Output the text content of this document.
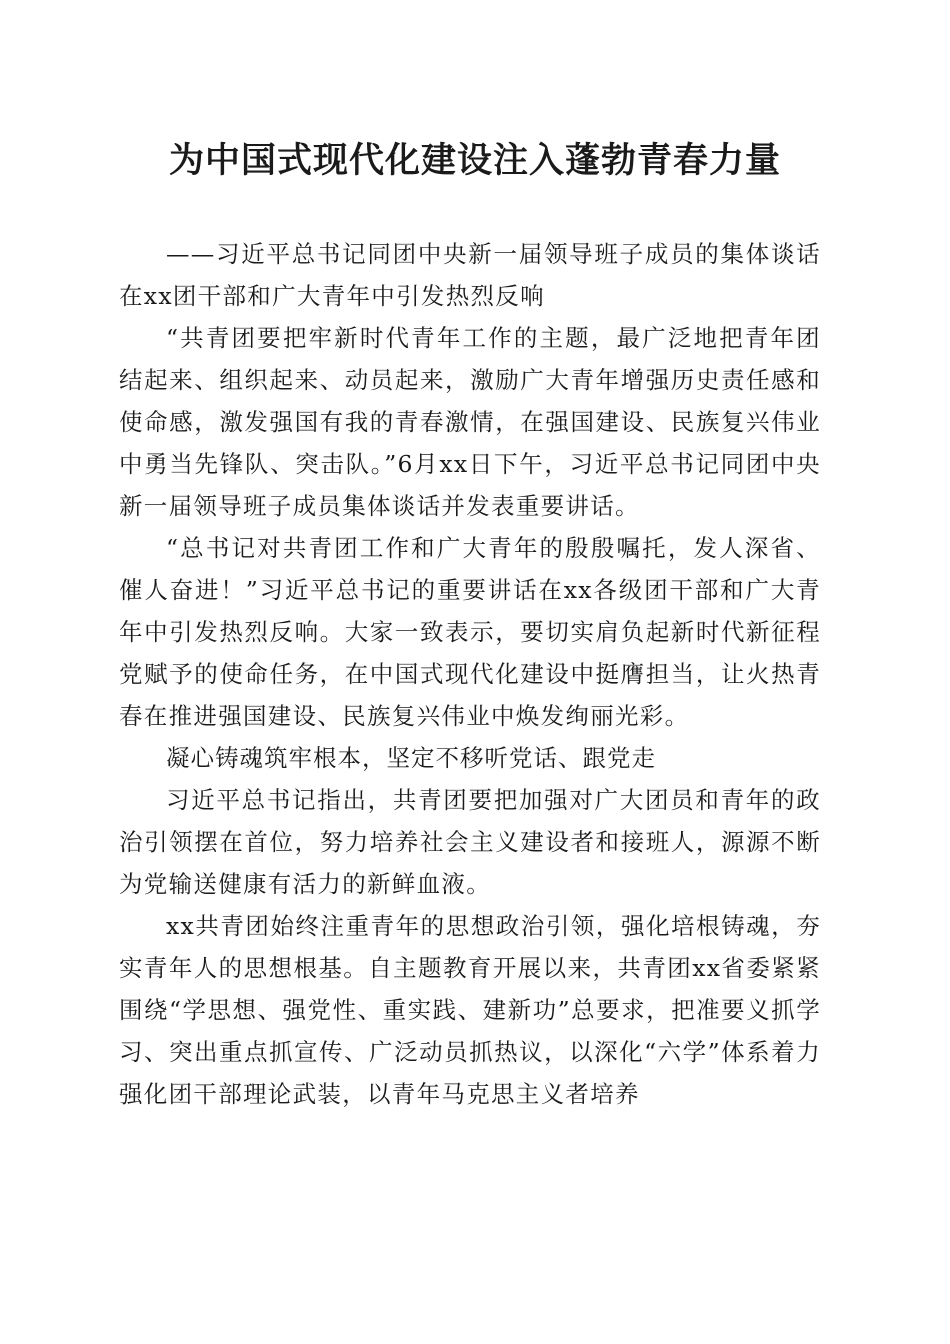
为中国式现代化建设注入蓬勃青春力量

——习近平总书记同团中央新一届领导班子成员的集体谈话在xx团干部和广大青年中引发热烈反响

“共青团要把牢新时代青年工作的主题，最广泛地把青年团结起来、组织起来、动员起来，激励广大青年增强历史责任感和使命感，激发强国有我的青春激情，在强国建设、民族复兴伟业中勇当先锋队、突击队。”6月xx日下午，习近平总书记同团中央新一届领导班子成员集体谈话并发表重要讲话。

“总书记对共青团工作和广大青年的殷殷嘱托，发人深省、催人奋进！”习近平总书记的重要讲话在xx各级团干部和广大青年中引发热烈反响。大家一致表示，要切实肩负起新时代新征程党赋予的使命任务，在中国式现代化建设中挺膺担当，让火热青春在推进强国建设、民族复兴伟业中焕发绚丽光彩。

凝心铸魂筑牢根本，坚定不移听党话、跟党走

习近平总书记指出，共青团要把加强对广大团员和青年的政治引领摆在首位，努力培养社会主义建设者和接班人，源源不断为党输送健康有活力的新鲜血液。

xx共青团始终注重青年的思想政治引领，强化培根铸魂，夯实青年人的思想根基。自主题教育开展以来，共青团xx省委紧紧围绕“学思想、强党性、重实践、建新功”总要求，把准要义抓学习、突出重点抓宣传、广泛动员抓热议，以深化“六学”体系着力强化团干部理论武装，以青年马克思主义者培养
